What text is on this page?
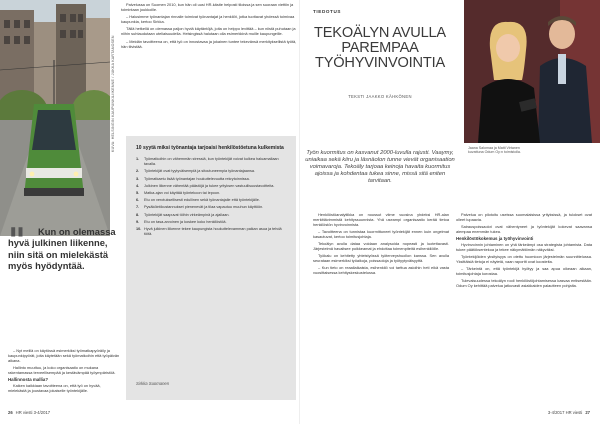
KUVA: HELSINGIN KAUPUNKILIIKENNE / JUKKA KARTANOSEN

Palvelussa on Suomen 2010, kun hän oli uusi HR-käsite helposti tiloissa ja sen suoraan viettiin ja toimintaan joukkoille.

– Halusimme työnantajan rinnalle toimivat työnantajat ja henkilöt, jotka tuottavat yhdessä toimivaa kaupunkia, kertoo Sirkka.

Tällä hetkellä on olemassa paljon hyviä käytäntöjä, joita on helppo levittää – kun niistä puhutaan ja niihin suhtaudutaan uteliaisuudella. Helsingissä halutaan olla esimerkkinä muille kaupungeille.

– Meidän tavoitteena on, että työ on innostavaa ja jokainen tuntee tekevänsä merkityksellistä työtä, hän tiivistää.

"	Kun on olemassa hyvä julkinen liikenne, niin sitä on mielekästä myös hyödyntää.

– Nyt meillä on käytössä esimerkiksi työmatkapyöräily ja kaupunkipyörät, joita käytetään sekä työmatkoihin että työpäivän aikana.

Hallinto muuttuu, ja koko organisaatio on mukana rakentamassa terveellisempää ja kestävämpää työympäristöä.

Hallinnosta mallia?

Kaiken kaikkiaan tavoitteena on, että työ on hyvää, mielekästä ja joustavaa jokaiselle työntekijälle.

10 syytä miksi työnantaja tarjoaisi henkilöstöetuna kulkemista
1. Työmatkoihin on vähemmän stressiä, kun työntekijät voivat kulkea haluamallaan tavalla.
2. Työntekijät ovat tyytyväisempiä ja sitoutuneempia työnantajaansa.
3. Työmatkaetu lisää työnantajan houkuttelevuutta rekrytoinnissa.
4. Julkinen liikenne vähentää päästöjä ja tukee yrityksen vastuullisuustavoitteita.
5. Matka-ajan voi käyttää työntekoon tai lepoon.
6. Etu on verotuksellisesti edullinen sekä työnantajalle että työntekijälle.
7. Pysäköintikustannukset pienenevät ja tilaa vapautuu muuhun käyttöön.
8. Työntekijät saapuvat töihin virkeämpinä ja ajallaan.
9. Etu on tasa-arvoinen ja koskee koko henkilöstöä.
10. Hyvä julkinen liikenne tekee kaupungista houkuttelevamman paikan asua ja tehdä töitä.
Sirkka Suomanen
26 HR viesti 3-4/2017
TIEDOTUS
TEKOÄLYN AVULLA PAREMPAA TYÖHYVINVOINTIA
TEKSTI JAAKKO KÄHKÖNEN
Työn kuormitus on kasvanut 2000-luvulla rajusti. Vaaymy, uniaikaa sekä kiiru ja läsnäolon tunne vievät organisaation voimavaroja. Tekoäly tarjoaa keinoja havaita kuormitus ajoissa ja kohdentaa tukea sinne, missä sitä eniten tarvitaan.
Jaana Salomaa ja Matti Virtanen kuvattuna Odum Oy:n toimistolla.

Henkilöstöanalytiikka on noussut viime vuosina yhdeksi HR-alan merkittävimmistä kehityssuunnista. Yhä useampi organisaatio kerää tietoa henkilöstön hyvinvoinnista.

– Tavoitteena on tunnistaa kuormittuneet työntekijät ennen kuin ongelmat kasautuvat, kertoo toimitusjohtaja.

Tekoälyn avulla dataa voidaan analysoida nopeasti ja luotettavasti. Järjestelmä havaitsee poikkeamat ja ehdottaa toimenpiteitä esihenkilöille.

Työkalu on kehitetty yhteistyössä työterveyshuollon kanssa. Sen avulla seurataan esimerkiksi työaikoja, poissaoloja ja työtyytyväisyyttä.

– Kun tieto on reaaliaikaista, esihenkilö voi tarttua asioihin heti eikä vasta vuosittaisessa kehityskeskustelussa.

Palvelua on pilotoitu useissa suomalaisissa yrityksissä, ja tulokset ovat olleet lupaavia.

Sairauspoissaolot ovat vähentyneet ja työntekijät kokevat saavansa aiempaa enemmän tukea.

Henkilöstökokemus ja työhyvinvointi

Hyvinvoinnin johtaminen on yhä tärkeämpi osa strategista johtamista. Data tukee päätöksentekoa ja tekee näkymättömän näkyväksi.

Työntekijöiden yksityisyys on otettu huomioon järjestelmän suunnittelussa. Yksittäisiä tietoja ei näytetä, vaan raportit ovat koosteita.

– Tärkeintä on, että työntekijä hyötyy ja saa apua oikeaan aikaan, toimitusjohtaja korostaa.

Tulevaisuudessa tekoälyn rooli henkilöstöjohtamisessa kasvaa entisestään. Odum Oy kehittää palvelua jatkuvasti asiakkaiden palautteen pohjalta.

3-4/2017 HR viesti 27
